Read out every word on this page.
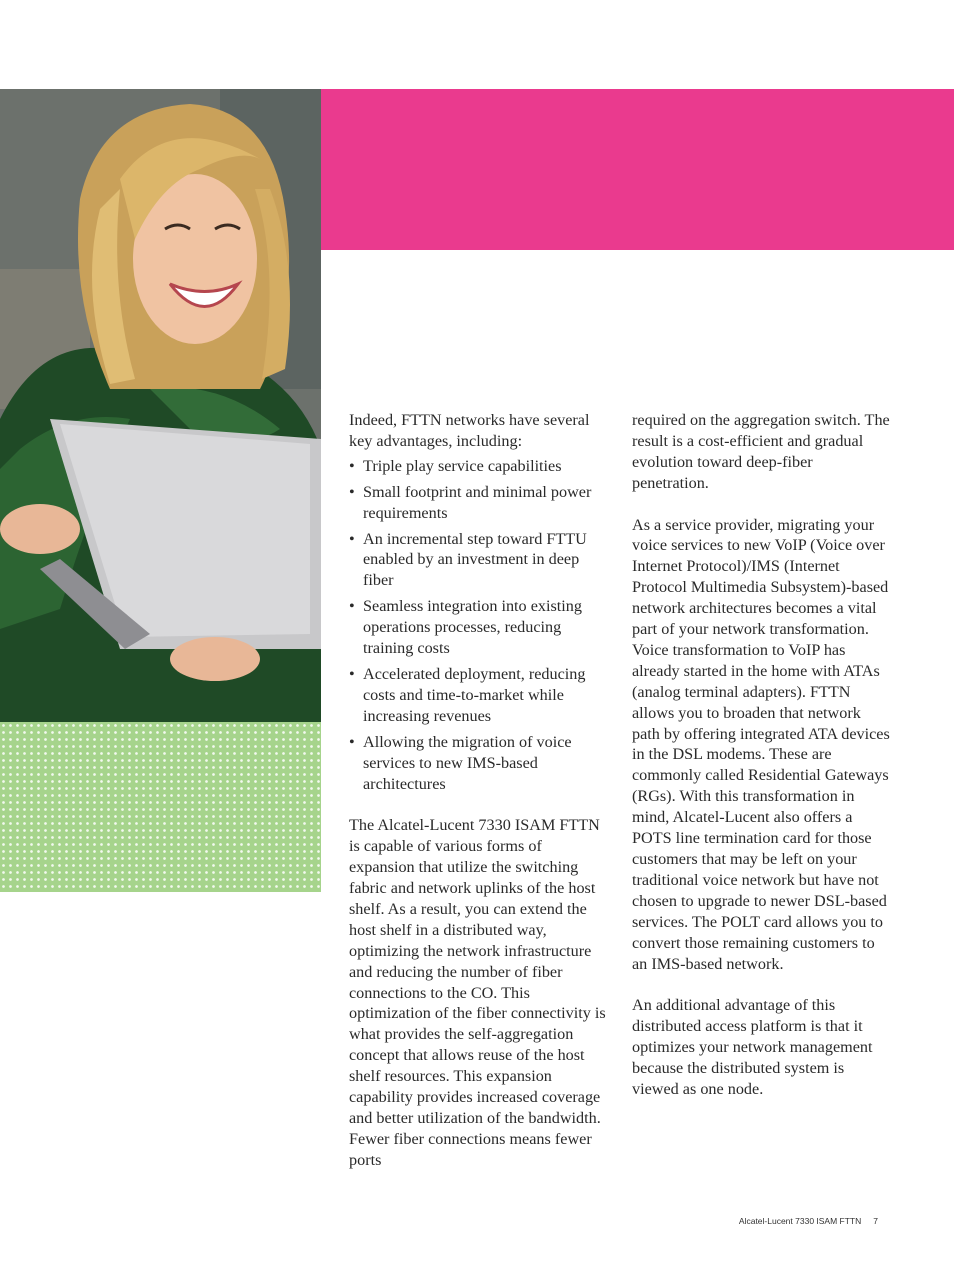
Indeed, FTTN networks have several key advantages, including:

• Triple play service capabilities
• Small footprint and minimal power requirements
• An incremental step toward FTTU enabled by an investment in deep fiber
• Seamless integration into existing operations processes, reducing training costs
• Accelerated deployment, reducing costs and time-to-market while increasing revenues
• Allowing the migration of voice services to new IMS-based architectures

The Alcatel-Lucent 7330 ISAM FTTN is capable of various forms of expansion that utilize the switching fabric and network uplinks of the host shelf. As a result, you can extend the host shelf in a distributed way, optimizing the network infrastructure and reducing the number of fiber connections to the CO. This optimization of the fiber connectivity is what provides the self-aggregation concept that allows reuse of the host shelf resources. This expansion capability provides increased coverage and better utilization of the bandwidth. Fewer fiber connections means fewer ports

required on the aggregation switch. The result is a cost-efficient and gradual evolution toward deep-fiber penetration.

As a service provider, migrating your voice services to new VoIP (Voice over Internet Protocol)/IMS (Internet Protocol Multimedia Subsystem)-based network architectures becomes a vital part of your network transformation. Voice transformation to VoIP has already started in the home with ATAs (analog terminal adapters). FTTN allows you to broaden that network path by offering integrated ATA devices in the DSL modems. These are commonly called Residential Gateways (RGs). With this transformation in mind, Alcatel-Lucent also offers a POTS line termination card for those customers that may be left on your traditional voice network but have not chosen to upgrade to newer DSL-based services. The POLT card allows you to convert those remaining customers to an IMS-based network.

An additional advantage of this distributed access platform is that it optimizes your network management because the distributed system is viewed as one node.

Alcatel-Lucent 7330 ISAM FTTN 7
